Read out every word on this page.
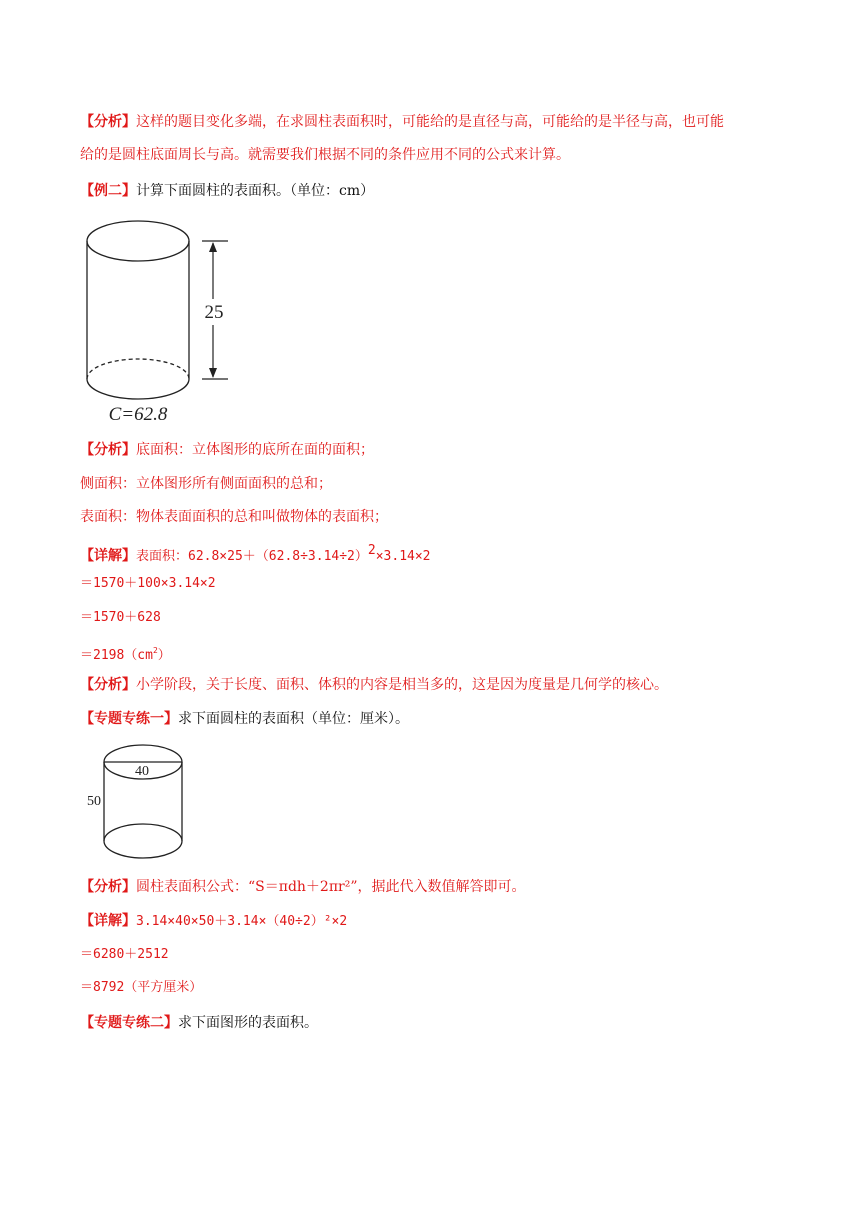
【分析】这样的题目变化多端，在求圆柱表面积时，可能给的是直径与高，可能给的是半径与高，也可能
给的是圆柱底面周长与高。就需要我们根据不同的条件应用不同的公式来计算。
【例二】计算下面圆柱的表面积。（单位：cm）
25
C=62.8
【分析】底面积：立体图形的底所在面的面积；
侧面积：立体图形所有侧面面积的总和；
表面积：物体表面面积的总和叫做物体的表面积；
【详解】表面积：$62.8\times 25+(62.8\div 3.14\div 2)^2\times 3.14\times 2$
＝1570＋100×3.14×2
＝1570＋628
$=2198(cm^2)$
【分析】小学阶段，关于长度、面积、体积的内容是相当多的，这是因为度量是几何学的核心。
【专题专练一】求下面圆柱的表面积（单位：厘米）。
40
50
【分析】圆柱表面积公式：“S＝πdh＋2πr²”，据此代入数值解答即可。
【详解】3.14×40×50＋3.14×（40÷2）²×2
＝6280＋2512
＝8792（平方厘米）
【专题专练二】求下面图形的表面积。
